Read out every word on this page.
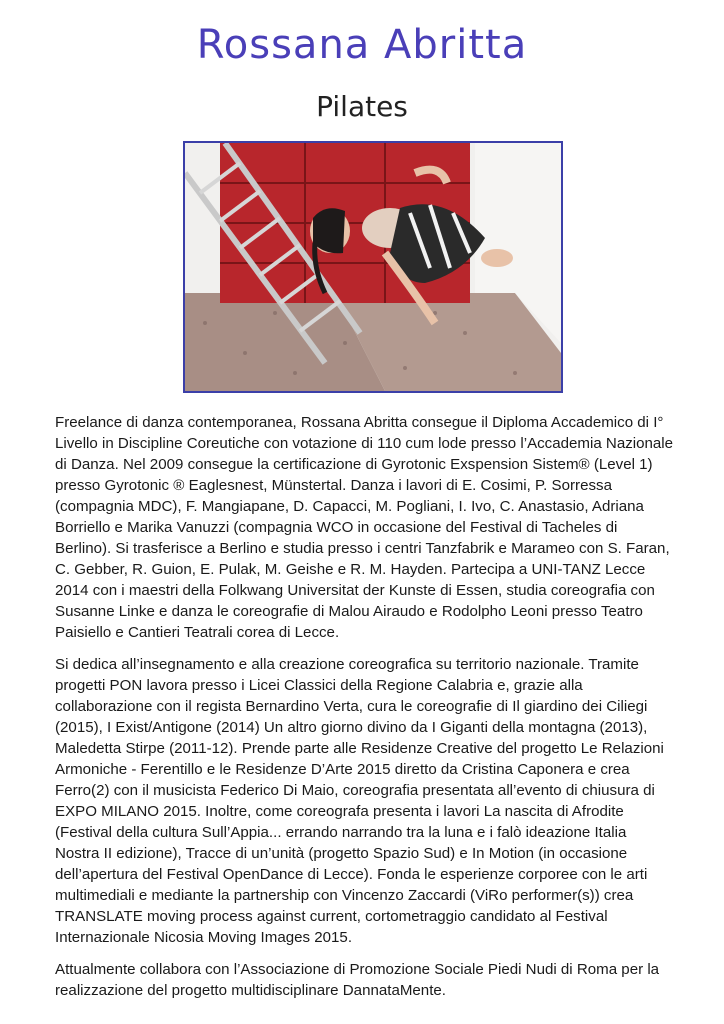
Rossana Abritta
Pilates

Freelance di danza contemporanea, Rossana Abritta consegue il Diploma Accademico di I° Livello in Discipline Coreutiche con votazione di 110 cum lode presso l’Accademia Nazionale di Danza. Nel 2009 consegue la certificazione di Gyrotonic Exspension Sistem® (Level 1) presso Gyrotonic ® Eaglesnest, Münstertal. Danza i lavori di E. Cosimi, P. Sorressa (compagnia MDC), F. Mangiapane, D. Capacci, M. Pogliani, I. Ivo, C. Anastasio, Adriana Borriello e Marika Vanuzzi (compagnia WCO in occasione del Festival di Tacheles di Berlino). Si trasferisce a Berlino e studia presso i centri Tanzfabrik e Marameo con S. Faran, C. Gebber, R. Guion, E. Pulak, M. Geishe e R. M. Hayden. Partecipa a UNI-TANZ Lecce 2014 con i maestri della Folkwang Universitat der Kunste di Essen, studia coreografia con Susanne Linke e danza le coreografie di Malou Airaudo e Rodolpho Leoni presso Teatro Paisiello e Cantieri Teatrali corea di Lecce.

Si dedica all’insegnamento e alla creazione coreografica su territorio nazionale. Tramite progetti PON lavora presso i Licei Classici della Regione Calabria e, grazie alla collaborazione con il regista Bernardino Verta, cura le coreografie di Il giardino dei Ciliegi (2015), I Exist/Antigone (2014) Un altro giorno divino da I Giganti della montagna (2013), Maledetta Stirpe (2011-12). Prende parte alle Residenze Creative del progetto Le Relazioni Armoniche - Ferentillo e le Residenze D’Arte 2015 diretto da Cristina Caponera e crea Ferro(2) con il musicista Federico Di Maio, coreografia presentata all’evento di chiusura di EXPO MILANO 2015. Inoltre, come coreografa presenta i lavori La nascita di Afrodite (Festival della cultura Sull’Appia... errando narrando tra la luna e i falò ideazione Italia Nostra II edizione), Tracce di un’unità (progetto Spazio Sud) e In Motion (in occasione dell’apertura del Festival OpenDance di Lecce). Fonda le esperienze corporee con le arti multimediali e mediante la partnership con Vincenzo Zaccardi (ViRo performer(s)) crea TRANSLATE moving process against current, cortometraggio candidato al Festival Internazionale Nicosia Moving Images 2015.

Attualmente collabora con l’Associazione di Promozione Sociale Piedi Nudi di Roma per la realizzazione del progetto multidisciplinare DannataMente.
